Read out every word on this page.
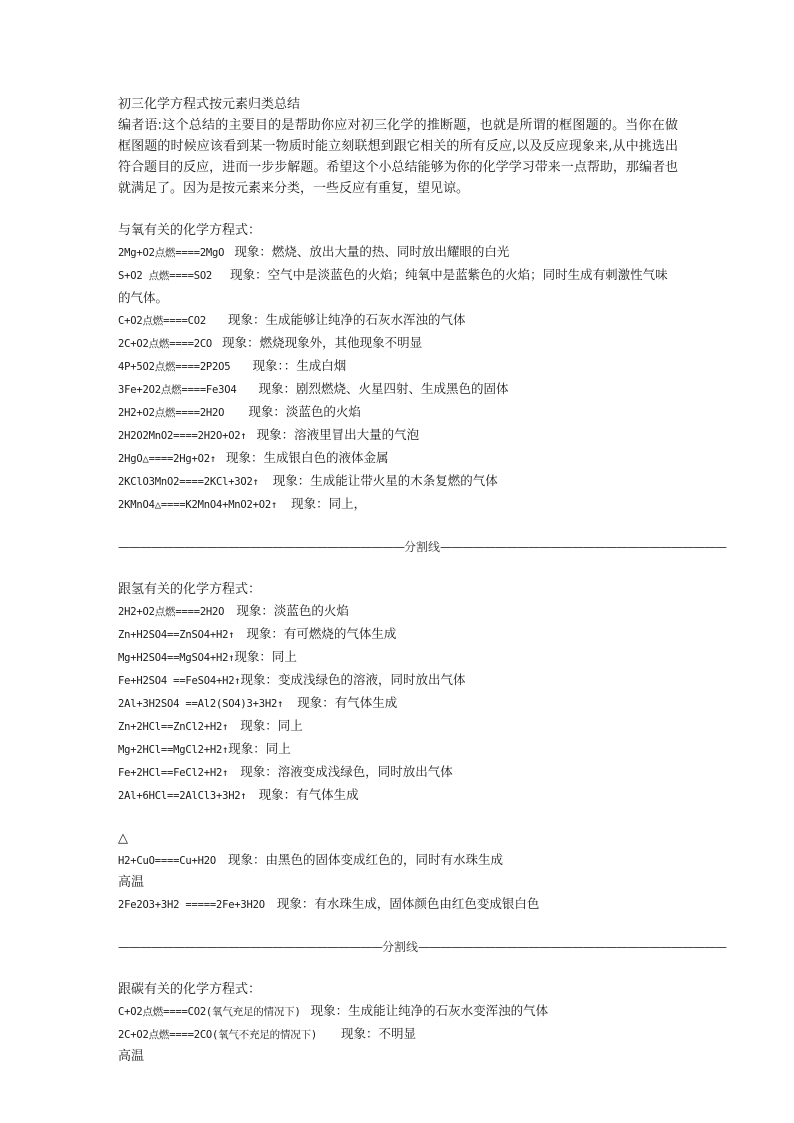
初三化学方程式按元素归类总结
编者语:这个总结的主要目的是帮助你应对初三化学的推断题，也就是所谓的框图题的。当你在做框图题的时候应该看到某一物质时能立刻联想到跟它相关的所有反应,以及反应现象来,从中挑选出符合题目的反应，进而一步步解题。希望这个小总结能够为你的化学学习带来一点帮助，那编者也就满足了。因为是按元素来分类，一些反应有重复，望见谅。
与氧有关的化学方程式：
2Mg+O2点燃====2MgO 现象：燃烧、放出大量的热、同时放出耀眼的白光
S+O2 点燃====SO2 现象：空气中是淡蓝色的火焰；纯氧中是蓝紫色的火焰；同时生成有刺激性气味的气体。
C+O2点燃====CO2 现象：生成能够让纯净的石灰水浑浊的气体
2C+O2点燃====2CO 现象：燃烧现象外，其他现象不明显
4P+5O2点燃====2P2O5 现象：：生成白烟
3Fe+2O2点燃====Fe3O4 现象：剧烈燃烧、火星四射、生成黑色的固体
2H2+O2点燃====2H2O 现象：淡蓝色的火焰
2H2O2MnO2====2H2O+O2↑ 现象：溶液里冒出大量的气泡
2HgO△====2Hg+O2↑ 现象：生成银白色的液体金属
2KClO3MnO2====2KCl+3O2↑ 现象：生成能让带火星的木条复燃的气体
2KMnO4△====K2MnO4+MnO2+O2↑ 现象：同上，
——————————————————————————分割线——————————————————————————
跟氢有关的化学方程式：
2H2+O2点燃====2H2O 现象：淡蓝色的火焰
Zn+H2SO4==ZnSO4+H2↑ 现象：有可燃烧的气体生成
Mg+H2SO4==MgSO4+H2↑现象：同上
Fe+H2SO4 ==FeSO4+H2↑现象：变成浅绿色的溶液，同时放出气体
2Al+3H2SO4 ==Al2(SO4)3+3H2↑ 现象：有气体生成
Zn+2HCl==ZnCl2+H2↑ 现象：同上
Mg+2HCl==MgCl2+H2↑现象：同上
Fe+2HCl==FeCl2+H2↑ 现象：溶液变成浅绿色，同时放出气体
2Al+6HCl==2AlCl3+3H2↑ 现象：有气体生成
△
H2+CuO====Cu+H2O 现象：由黑色的固体变成红色的，同时有水珠生成
高温
2Fe2O3+3H2 =====2Fe+3H2O 现象：有水珠生成，固体颜色由红色变成银白色
————————————————————————分割线————————————————————————————
跟碳有关的化学方程式：
C+O2点燃====CO2(氧气充足的情况下) 现象：生成能让纯净的石灰水变浑浊的气体
2C+O2点燃====2CO(氧气不充足的情况下) 现象：不明显
高温
